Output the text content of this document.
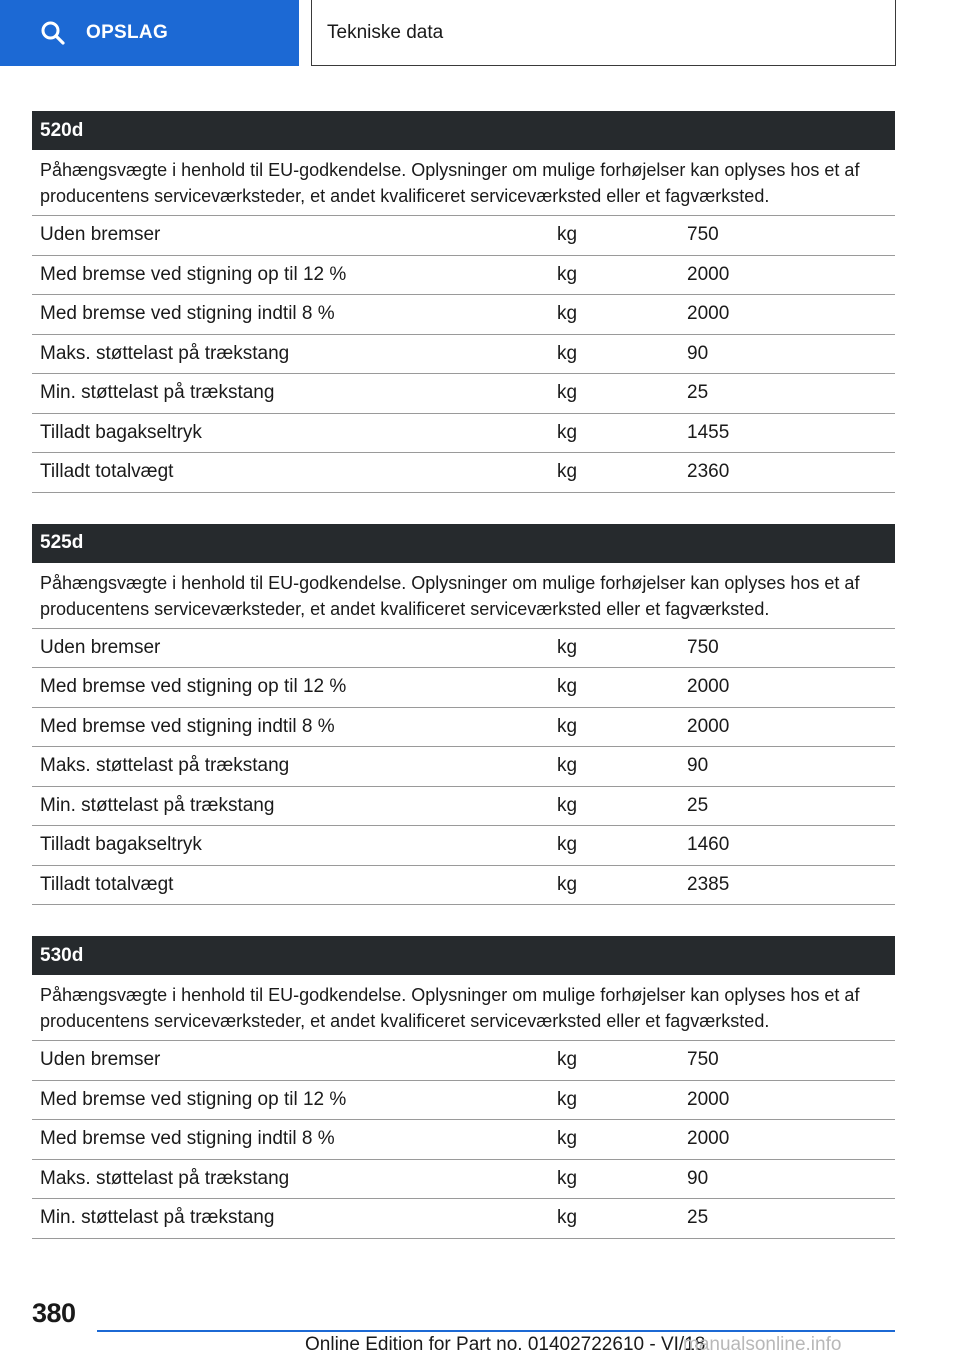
OPSLAG	Tekniske data
520d
Påhængsvægte i henhold til EU-godkendelse. Oplysninger om mulige forhøjelser kan oplyses hos et af producentens serviceværksteder, et andet kvalificeret serviceværksted eller et fagværksted.
Uden bremser	kg	750
Med bremse ved stigning op til 12 %	kg	2000
Med bremse ved stigning indtil 8 %	kg	2000
Maks. støttelast på trækstang	kg	90
Min. støttelast på trækstang	kg	25
Tilladt bagakseltryk	kg	1455
Tilladt totalvægt	kg	2360
525d
Påhængsvægte i henhold til EU-godkendelse. Oplysninger om mulige forhøjelser kan oplyses hos et af producentens serviceværksteder, et andet kvalificeret serviceværksted eller et fagværksted.
Uden bremser	kg	750
Med bremse ved stigning op til 12 %	kg	2000
Med bremse ved stigning indtil 8 %	kg	2000
Maks. støttelast på trækstang	kg	90
Min. støttelast på trækstang	kg	25
Tilladt bagakseltryk	kg	1460
Tilladt totalvægt	kg	2385
530d
Påhængsvægte i henhold til EU-godkendelse. Oplysninger om mulige forhøjelser kan oplyses hos et af producentens serviceværksteder, et andet kvalificeret serviceværksted eller et fagværksted.
Uden bremser	kg	750
Med bremse ved stigning op til 12 %	kg	2000
Med bremse ved stigning indtil 8 %	kg	2000
Maks. støttelast på trækstang	kg	90
Min. støttelast på trækstang	kg	25
380
Online Edition for Part no. 01402722610 - VI/18
manualsonline.info
